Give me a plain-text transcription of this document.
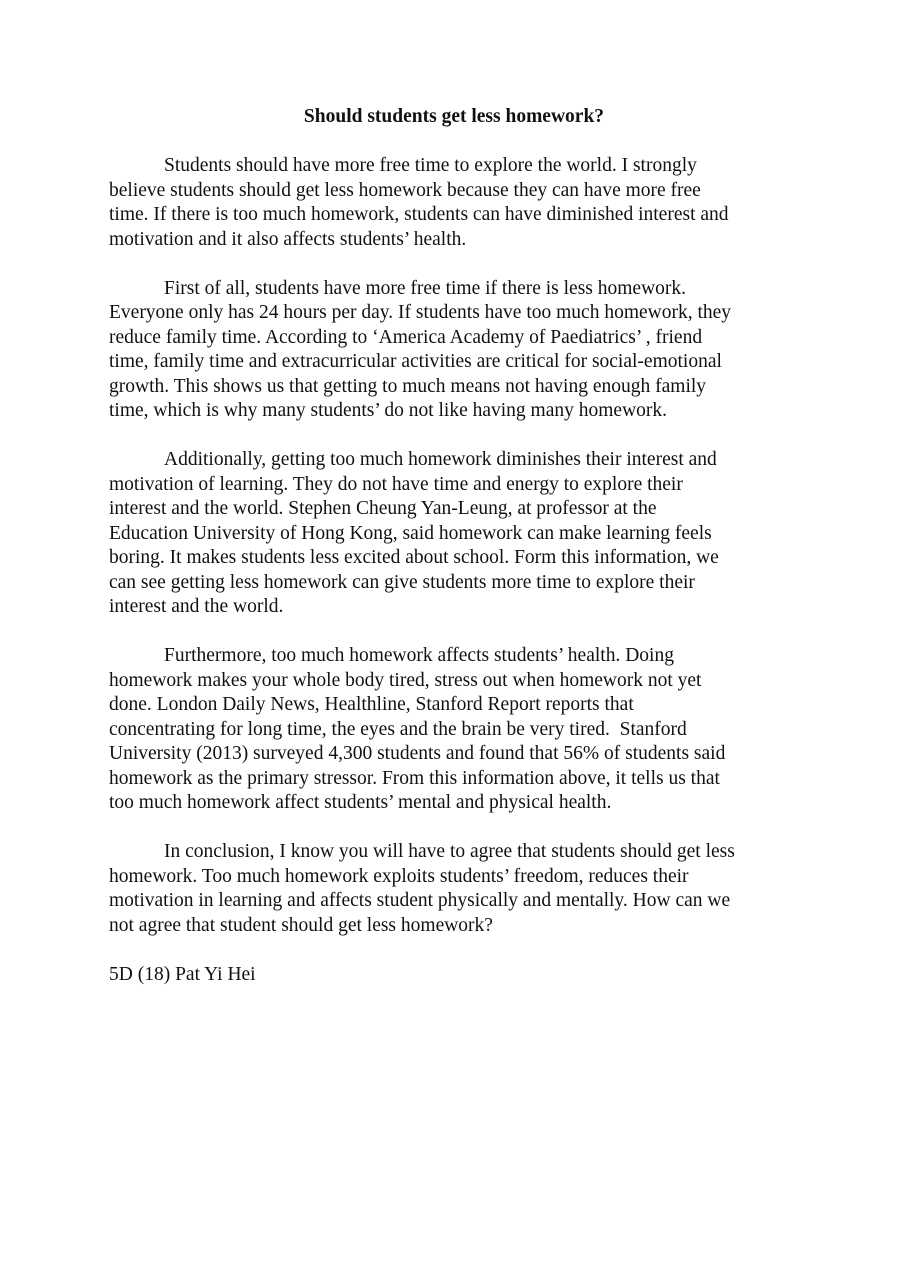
Should students get less homework?
Students should have more free time to explore the world. I strongly
believe students should get less homework because they can have more free
time. If there is too much homework, students can have diminished interest and
motivation and it also affects students’ health.
First of all, students have more free time if there is less homework.
Everyone only has 24 hours per day. If students have too much homework, they
reduce family time. According to ‘America Academy of Paediatrics’ , friend
time, family time and extracurricular activities are critical for social-emotional
growth. This shows us that getting to much means not having enough family
time, which is why many students’ do not like having many homework.
Additionally, getting too much homework diminishes their interest and
motivation of learning. They do not have time and energy to explore their
interest and the world. Stephen Cheung Yan-Leung, at professor at the
Education University of Hong Kong, said homework can make learning feels
boring. It makes students less excited about school. Form this information, we
can see getting less homework can give students more time to explore their
interest and the world.
Furthermore, too much homework affects students’ health. Doing
homework makes your whole body tired, stress out when homework not yet
done. London Daily News, Healthline, Stanford Report reports that
concentrating for long time, the eyes and the brain be very tired.  Stanford
University (2013) surveyed 4,300 students and found that 56% of students said
homework as the primary stressor. From this information above, it tells us that
too much homework affect students’ mental and physical health.
In conclusion, I know you will have to agree that students should get less
homework. Too much homework exploits students’ freedom, reduces their
motivation in learning and affects student physically and mentally. How can we
not agree that student should get less homework?

5D (18) Pat Yi Hei
